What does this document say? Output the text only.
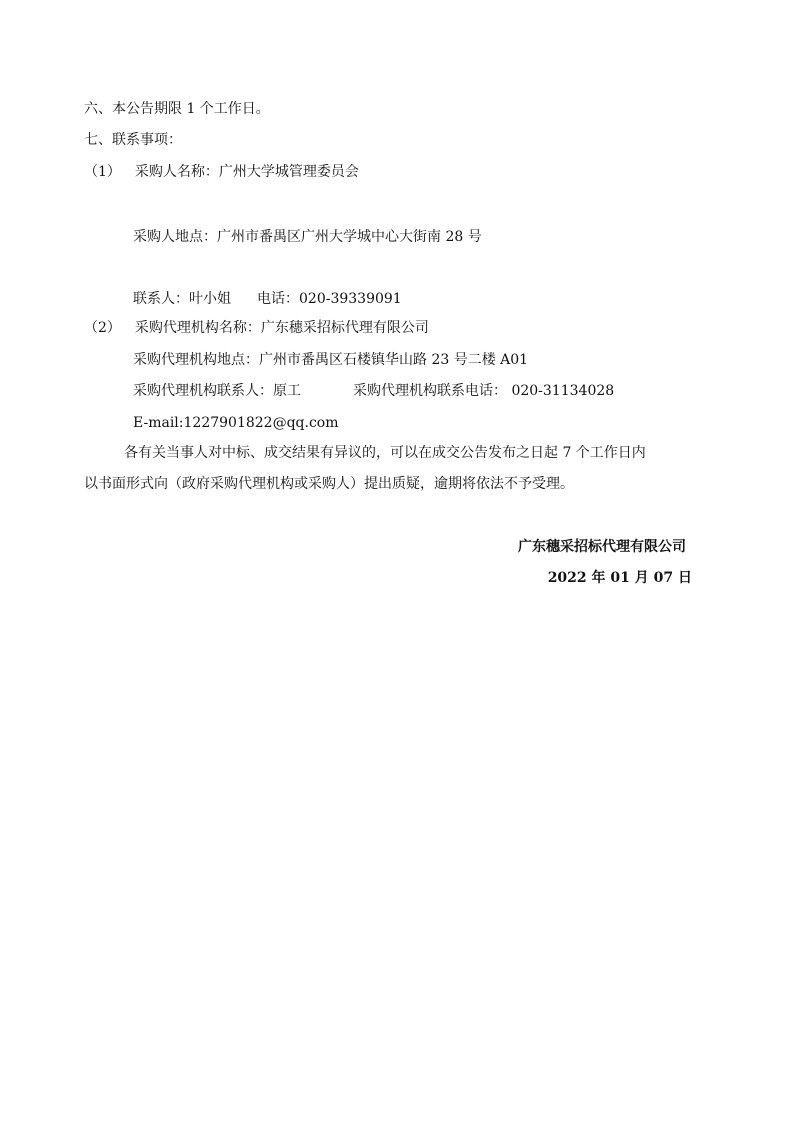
六、本公告期限 1 个工作日。
七、联系事项：
（1） 采购人名称：广州大学城管理委员会
采购人地点：广州市番禺区广州大学城中心大街南 28 号
联系人：叶小姐 电话：020-39339091
（2） 采购代理机构名称：广东穗采招标代理有限公司
采购代理机构地点：广州市番禺区石楼镇华山路 23 号二楼 A01
采购代理机构联系人：原工	采购代理机构联系电话： 020-31134028
E-mail:1227901822@qq.com
各有关当事人对中标、成交结果有异议的，可以在成交公告发布之日起 7 个工作日内
以书面形式向（政府采购代理机构或采购人）提出质疑，逾期将依法不予受理。
广东穗采招标代理有限公司
2022 年 01 月 07 日
